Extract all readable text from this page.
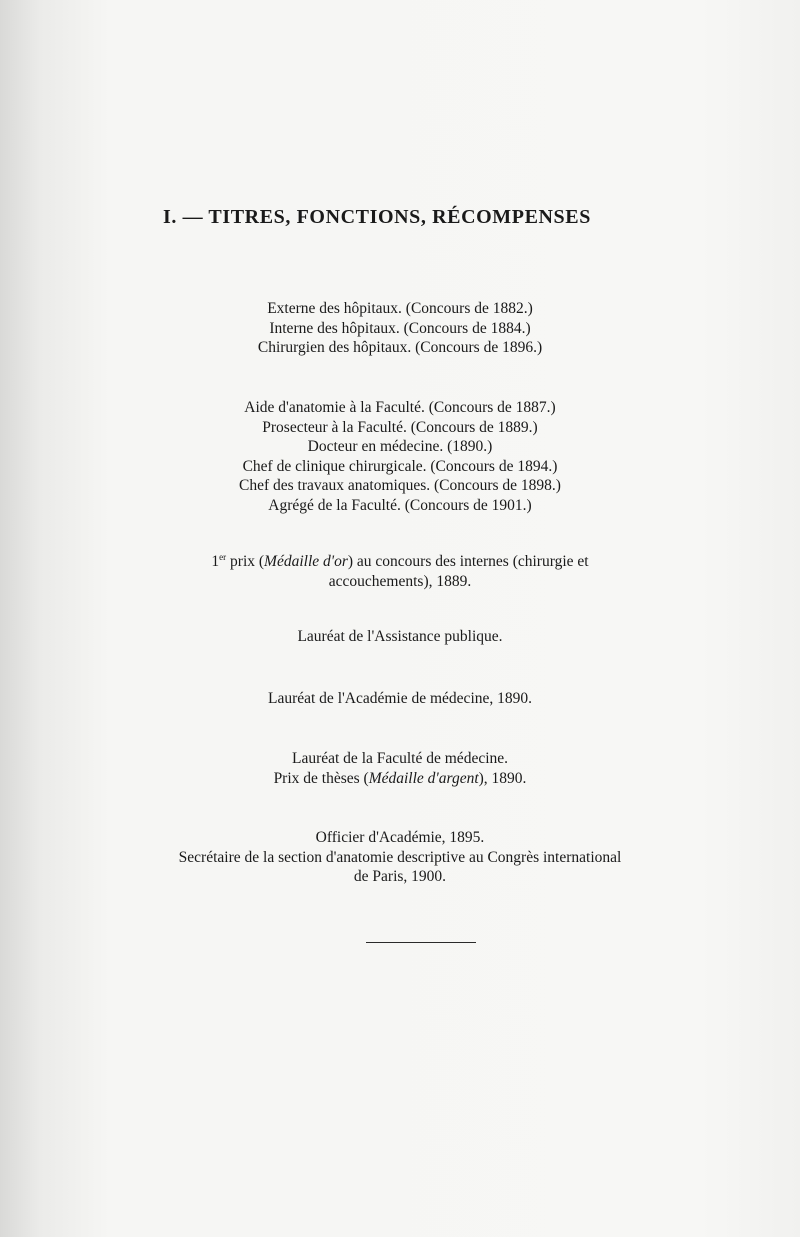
I. — TITRES, FONCTIONS, RÉCOMPENSES
Externe des hôpitaux. (Concours de 1882.)
Interne des hôpitaux. (Concours de 1884.)
Chirurgien des hôpitaux. (Concours de 1896.)
Aide d'anatomie à la Faculté. (Concours de 1887.)
Prosecteur à la Faculté. (Concours de 1889.)
Docteur en médecine. (1890.)
Chef de clinique chirurgicale. (Concours de 1894.)
Chef des travaux anatomiques. (Concours de 1898.)
Agrégé de la Faculté. (Concours de 1901.)
1er prix (Médaille d'or) au concours des internes (chirurgie et
accouchements), 1889.
Lauréat de l'Assistance publique.
Lauréat de l'Académie de médecine, 1890.
Lauréat de la Faculté de médecine.
Prix de thèses (Médaille d'argent), 1890.
Officier d'Académie, 1895.
Secrétaire de la section d'anatomie descriptive au Congrès international
de Paris, 1900.
